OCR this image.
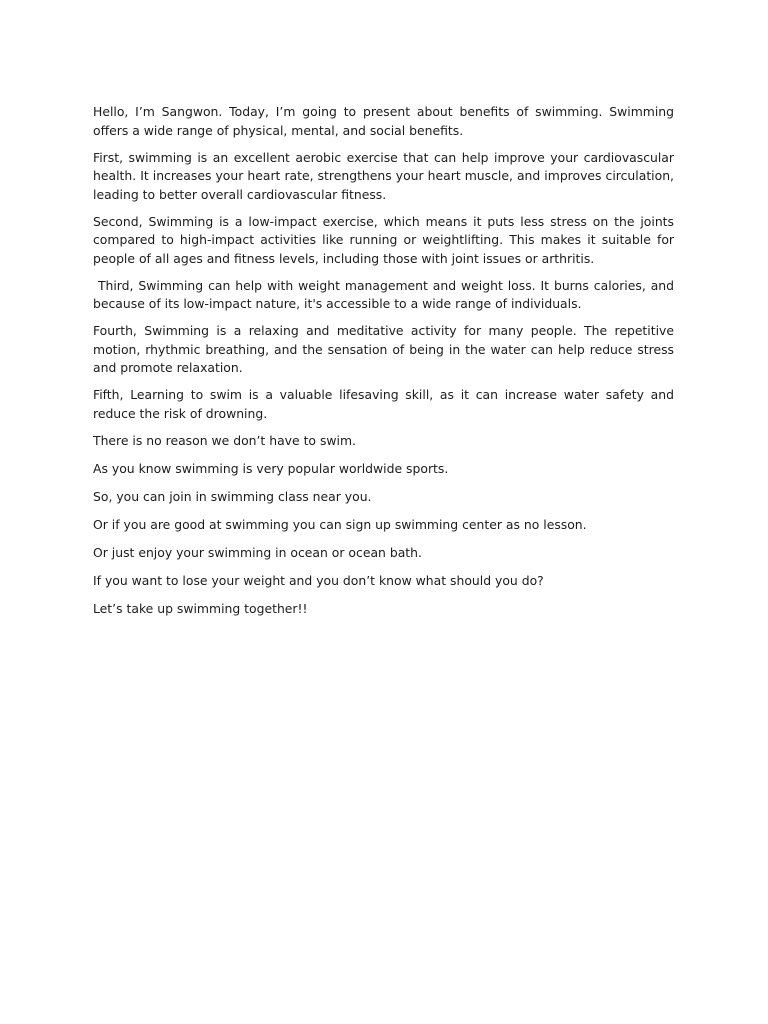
Hello, I’m Sangwon. Today, I’m going to present about benefits of swimming. Swimming offers a wide range of physical, mental, and social benefits.

First, swimming is an excellent aerobic exercise that can help improve your cardiovascular health. It increases your heart rate, strengthens your heart muscle, and improves circulation, leading to better overall cardiovascular fitness.

Second, Swimming is a low-impact exercise, which means it puts less stress on the joints compared to high-impact activities like running or weightlifting. This makes it suitable for people of all ages and fitness levels, including those with joint issues or arthritis.

Third, Swimming can help with weight management and weight loss. It burns calories, and because of its low-impact nature, it's accessible to a wide range of individuals.

Fourth, Swimming is a relaxing and meditative activity for many people. The repetitive motion, rhythmic breathing, and the sensation of being in the water can help reduce stress and promote relaxation.

Fifth, Learning to swim is a valuable lifesaving skill, as it can increase water safety and reduce the risk of drowning.

There is no reason we don’t have to swim.

As you know swimming is very popular worldwide sports.

So, you can join in swimming class near you.

Or if you are good at swimming you can sign up swimming center as no lesson.

Or just enjoy your swimming in ocean or ocean bath.

If you want to lose your weight and you don’t know what should you do?

Let’s take up swimming together!!
